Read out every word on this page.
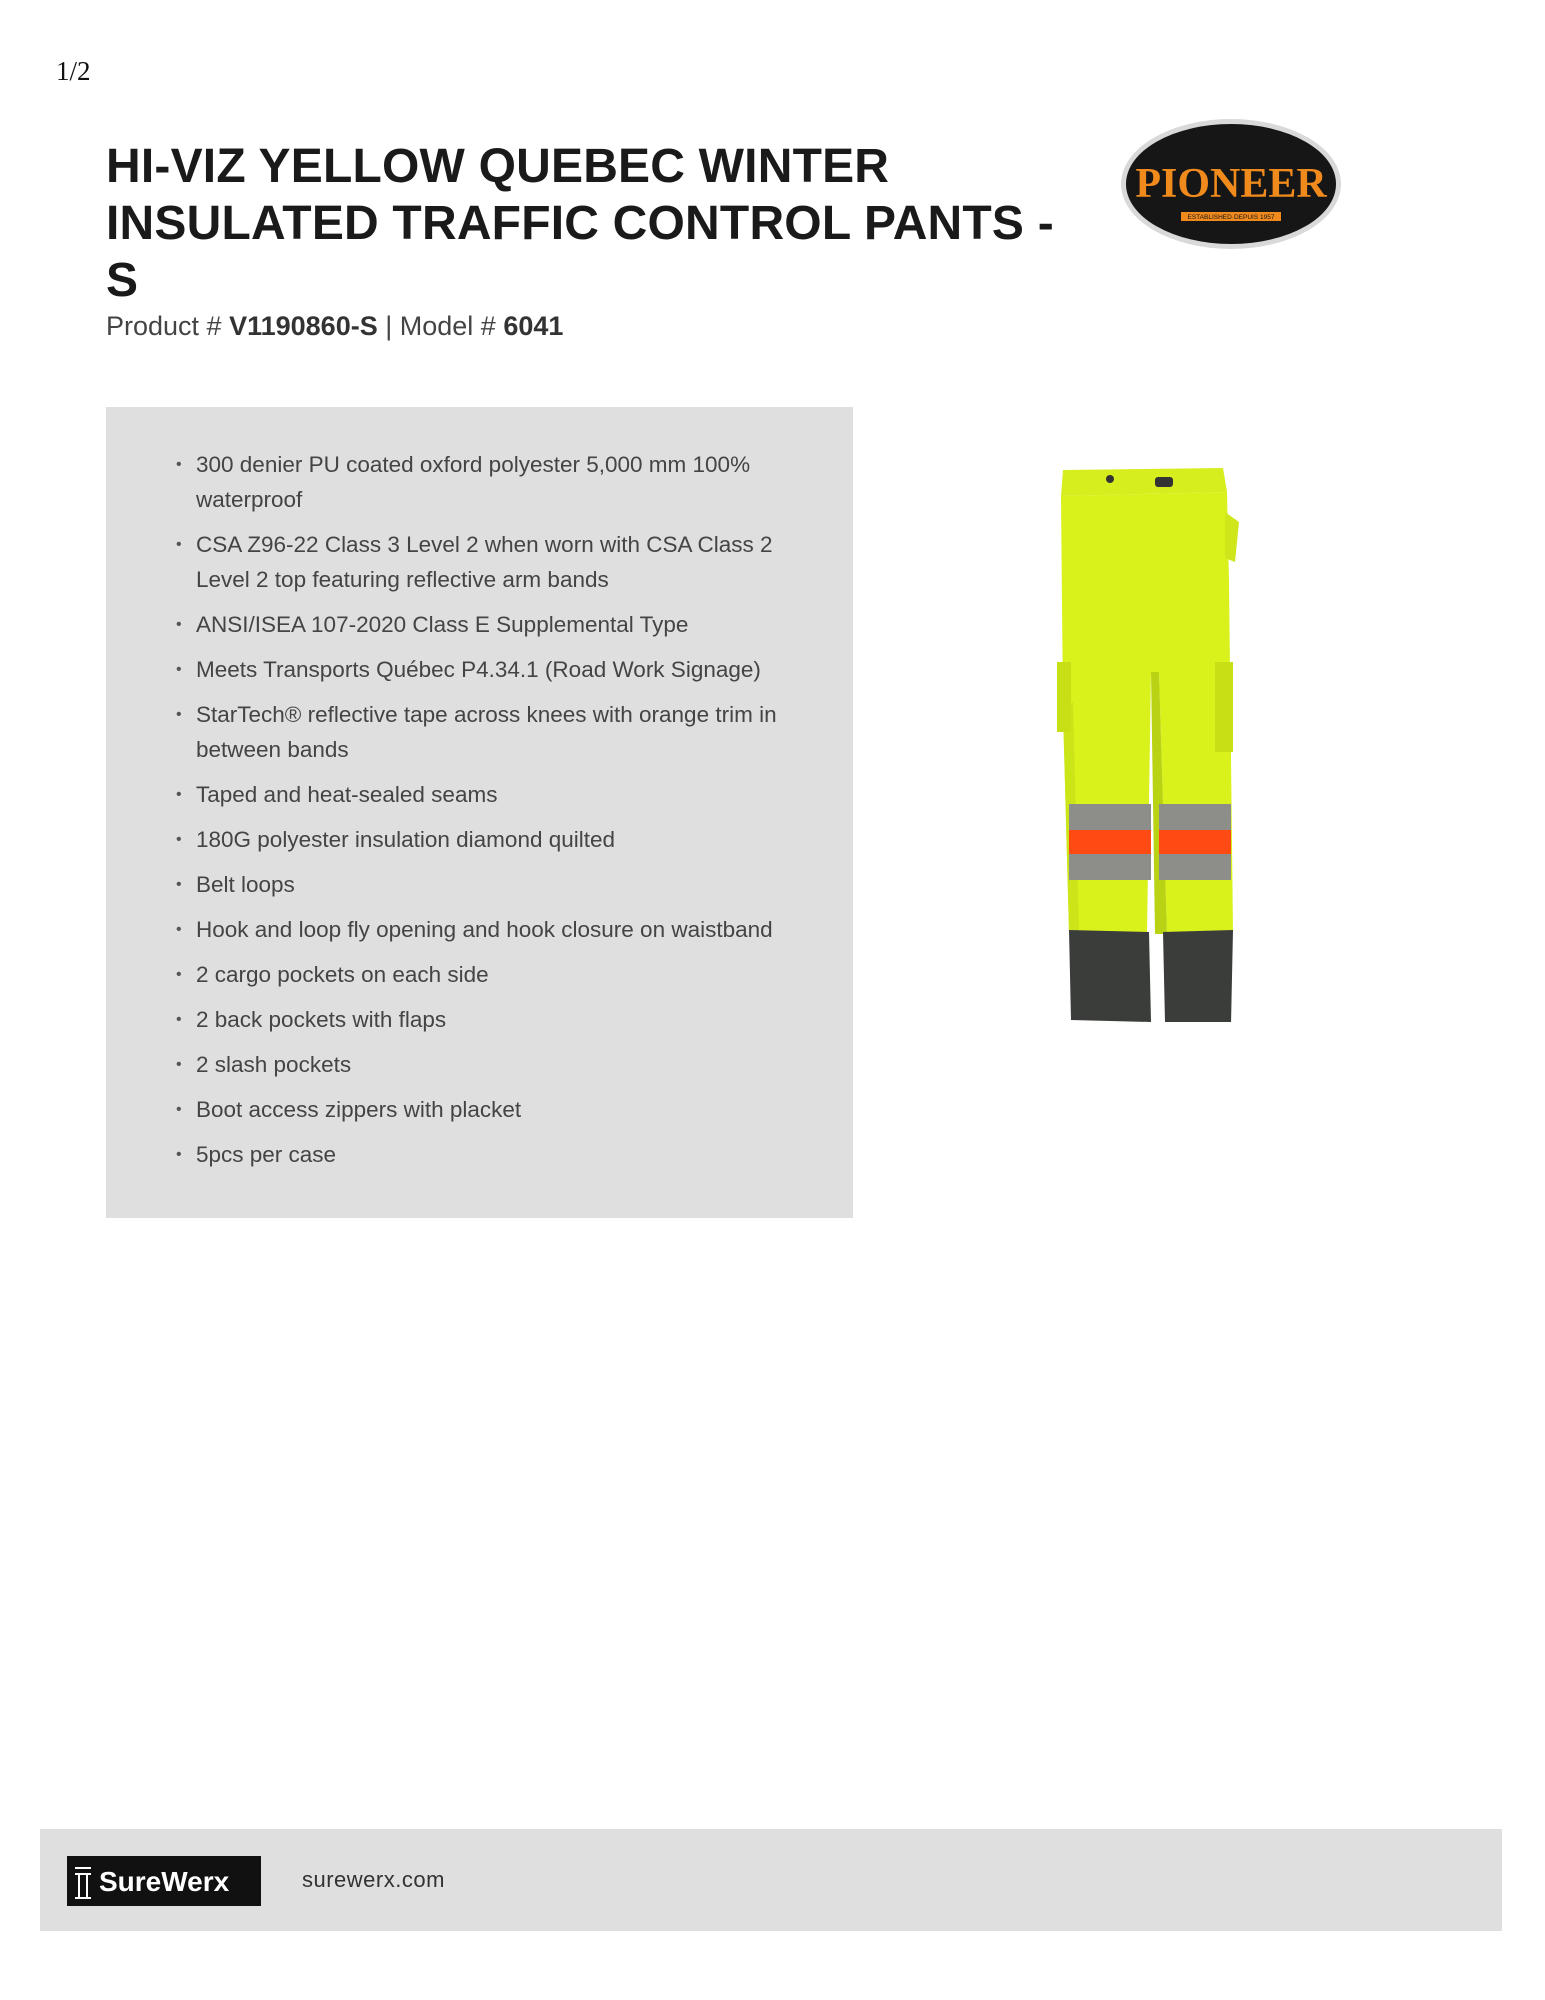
1/2
HI-VIZ YELLOW QUEBEC WINTER INSULATED TRAFFIC CONTROL PANTS - S
Product # V1190860-S | Model # 6041
PIONEER
ESTABLISHED·DEPUIS 1957
• 300 denier PU coated oxford polyester 5,000 mm 100% waterproof
• CSA Z96-22 Class 3 Level 2 when worn with CSA Class 2 Level 2 top featuring reflective arm bands
• ANSI/ISEA 107-2020 Class E Supplemental Type
• Meets Transports Québec P4.34.1 (Road Work Signage)
• StarTech® reflective tape across knees with orange trim in between bands
• Taped and heat-sealed seams
• 180G polyester insulation diamond quilted
• Belt loops
• Hook and loop fly opening and hook closure on waistband
• 2 cargo pockets on each side
• 2 back pockets with flaps
• 2 slash pockets
• Boot access zippers with placket
• 5pcs per case
SureWerx	surewerx.com
